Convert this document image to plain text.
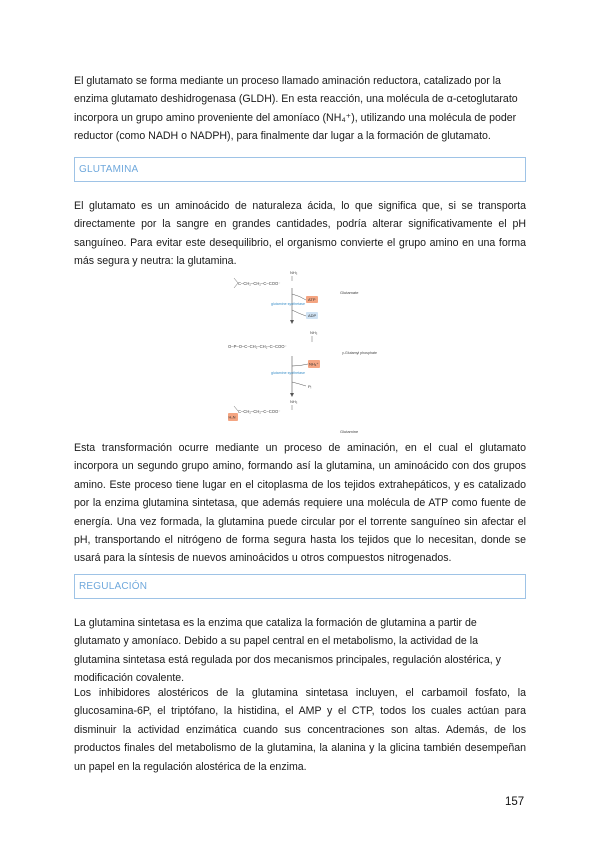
El glutamato se forma mediante un proceso llamado aminación reductora, catalizado por la enzima glutamato deshidrogenasa (GLDH). En esta reacción, una molécula de α-cetoglutarato incorpora un grupo amino proveniente del amoníaco (NH₄⁺), utilizando una molécula de poder reductor (como NADH o NADPH), para finalmente dar lugar a la formación de glutamato.

GLUTAMINA

El glutamato es un aminoácido de naturaleza ácida, lo que significa que, si se transporta directamente por la sangre en grandes cantidades, podría alterar significativamente el pH sanguíneo. Para evitar este desequilibrio, el organismo convierte el grupo amino en una forma más segura y neutra: la glutamina.

NH₃
C–CH₂–CH₂–C–COO⁻
Glutamate
glutamine synthetase
ATP
ADP
NH₃
O–P–O–C–CH₂–CH₂–C–COO⁻
γ-Glutamyl phosphate
NH₄⁺
glutamine synthetase
Pᵢ
NH₃
H₂N
C–CH₂–CH₂–C–COO⁻
Glutamine

Esta transformación ocurre mediante un proceso de aminación, en el cual el glutamato incorpora un segundo grupo amino, formando así la glutamina, un aminoácido con dos grupos amino. Este proceso tiene lugar en el citoplasma de los tejidos extrahepáticos, y es catalizado por la enzima glutamina sintetasa, que además requiere una molécula de ATP como fuente de energía. Una vez formada, la glutamina puede circular por el torrente sanguíneo sin afectar el pH, transportando el nitrógeno de forma segura hasta los tejidos que lo necesitan, donde se usará para la síntesis de nuevos aminoácidos u otros compuestos nitrogenados.

REGULACIÓN

La glutamina sintetasa es la enzima que cataliza la formación de glutamina a partir de glutamato y amoníaco. Debido a su papel central en el metabolismo, la actividad de la glutamina sintetasa está regulada por dos mecanismos principales, regulación alostérica, y modificación covalente.

Los inhibidores alostéricos de la glutamina sintetasa incluyen, el carbamoil fosfato, la glucosamina-6P, el triptófano, la histidina, el AMP y el CTP, todos los cuales actúan para disminuir la actividad enzimática cuando sus concentraciones son altas. Además, de los productos finales del metabolismo de la glutamina, la alanina y la glicina también desempeñan un papel en la regulación alostérica de la enzima.

157
